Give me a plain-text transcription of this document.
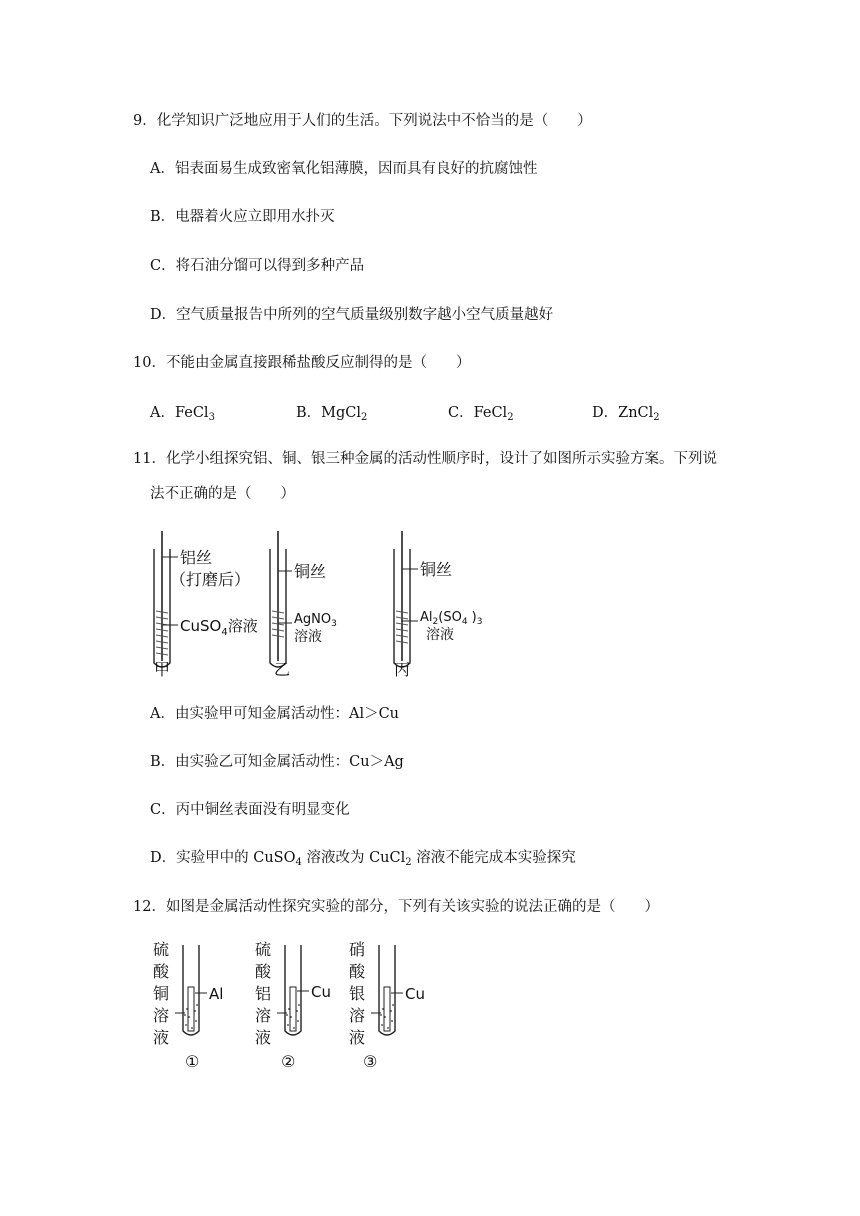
9．化学知识广泛地应用于人们的生活。下列说法中不恰当的是（　　）
A．铝表面易生成致密氧化铝薄膜，因而具有良好的抗腐蚀性
B．电器着火应立即用水扑灭
C．将石油分馏可以得到多种产品
D．空气质量报告中所列的空气质量级别数字越小空气质量越好
10．不能由金属直接跟稀盐酸反应制得的是（　　）
A．FeCl$_3$	B．MgCl$_2$	C．FeCl$_2$	D．ZnCl$_2$
11．化学小组探究铝、铜、银三种金属的活动性顺序时，设计了如图所示实验方案。下列说
法不正确的是（　　）
铝丝
（打磨后）
CuSO$_4$溶液
甲
铜丝
AgNO$_3$
溶液
乙
铜丝
$Al_2(SO_4$ )$_3$
溶液
丙
A．由实验甲可知金属活动性：Al＞Cu
B．由实验乙可知金属活动性：Cu＞Ag
C．丙中铜丝表面没有明显变化
D．实验甲中的 CuSO$_4$ 溶液改为 CuCl$_2$ 溶液不能完成本实验探究
12．如图是金属活动性探究实验的部分，下列有关该实验的说法正确的是（　　）
硫
酸
铜
溶
液
Al
①
硫
酸
铝
溶
液
Cu
②
硝
酸
银
溶
液
Cu
③
